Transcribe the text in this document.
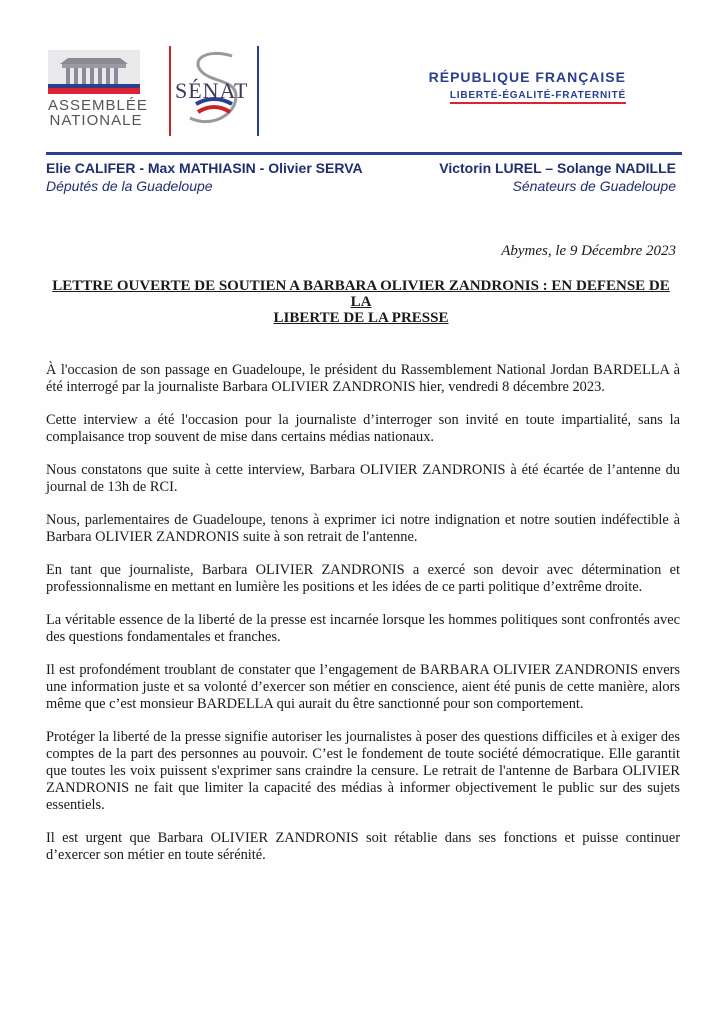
ASSEMBLÉE
NATIONALE
SÉNAT
RÉPUBLIQUE FRANÇAISE
LIBERTÉ-ÉGALITÉ-FRATERNITÉ
Elie CALIFER - Max MATHIASIN - Olivier SERVA
Députés de la Guadeloupe
Victorin LUREL – Solange NADILLE
Sénateurs de Guadeloupe
Abymes, le 9 Décembre 2023
LETTRE OUVERTE DE SOUTIEN A BARBARA OLIVIER ZANDRONIS : EN DEFENSE DE LA
LIBERTE DE LA PRESSE

À l'occasion de son passage en Guadeloupe, le président du Rassemblement National Jordan BARDELLA à été interrogé par la journaliste Barbara OLIVIER ZANDRONIS hier, vendredi 8 décembre 2023.

Cette interview a été l'occasion pour la journaliste d’interroger son invité en toute impartialité, sans la complaisance trop souvent de mise dans certains médias nationaux.

Nous constatons que suite à cette interview, Barbara OLIVIER ZANDRONIS à été écartée de l’antenne du journal de 13h de RCI.

Nous, parlementaires de Guadeloupe, tenons à exprimer ici notre indignation et notre soutien indéfectible à Barbara OLIVIER ZANDRONIS suite à son retrait de l'antenne.

En tant que journaliste, Barbara OLIVIER ZANDRONIS a exercé son devoir avec détermination et professionnalisme en mettant en lumière les positions et les idées de ce parti politique d’extrême droite.

La véritable essence de la liberté de la presse est incarnée lorsque les hommes politiques sont confrontés avec des questions fondamentales et franches.

Il est profondément troublant de constater que l’engagement de BARBARA OLIVIER ZANDRONIS envers une information juste et sa volonté d’exercer son métier en conscience, aient été punis de cette manière, alors même que c’est monsieur BARDELLA qui aurait du être sanctionné pour son comportement.

Protéger la liberté de la presse signifie autoriser les journalistes à poser des questions difficiles et à exiger des comptes de la part des personnes au pouvoir. C’est le fondement de toute société démocratique. Elle garantit que toutes les voix puissent s'exprimer sans craindre la censure. Le retrait de l'antenne de Barbara OLIVIER ZANDRONIS ne fait que limiter la capacité des médias à informer objectivement le public sur des sujets essentiels.

Il est urgent que Barbara OLIVIER ZANDRONIS soit rétablie dans ses fonctions et puisse continuer d’exercer son métier en toute sérénité.
